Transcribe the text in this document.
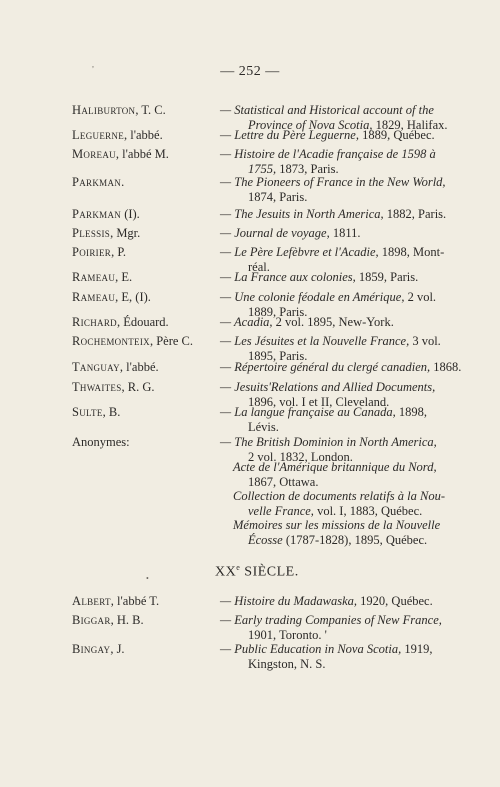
— 252 —
Haliburton, T. C.	— Statistical and Historical account of the
Province of Nova Scotia, 1829, Halifax.
Leguerne, l'abbé.	— Lettre du Père Leguerne, 1889, Québec.
Moreau, l'abbé M.	— Histoire de l'Acadie française de 1598 à
1755, 1873, Paris.
Parkman.	— The Pioneers of France in the New World,
1874, Paris.
Parkman (I).	— The Jesuits in North America, 1882, Paris.
Plessis, Mgr.	— Journal de voyage, 1811.
Poirier, P.	— Le Père Lefèbvre et l'Acadie, 1898, Mont-
réal.
Rameau, E.	— La France aux colonies, 1859, Paris.
Rameau, E, (I).	— Une colonie féodale en Amérique, 2 vol.
1889, Paris.
Richard, Édouard.	— Acadia, 2 vol. 1895, New-York.
Rochemonteix, Père C.	— Les Jésuites et la Nouvelle France, 3 vol.
1895, Paris.
Tanguay, l'abbé.	— Répertoire général du clergé canadien, 1868.
Thwaites, R. G.	— Jesuits'Relations and Allied Documents,
1896, vol. I et II, Cleveland.
Sulte, B.	— La langue française au Canada, 1898,
Lévis.
Anonymes:	— The British Dominion in North America,
2 vol. 1832, London.
Acte de l'Amérique britannique du Nord,
1867, Ottawa.
Collection de documents relatifs à la Nou-
velle France, vol. I, 1883, Québec.
Mémoires sur les missions de la Nouvelle
Écosse (1787-1828), 1895, Québec.
Albert, l'abbé T.	— Histoire du Madawaska, 1920, Québec.
Biggar, H. B.	— Early trading Companies of New France,
1901, Toronto. '
Bingay, J.	— Public Education in Nova Scotia, 1919,
Kingston, N. S.
XXe SIÈCLE.
,
•
